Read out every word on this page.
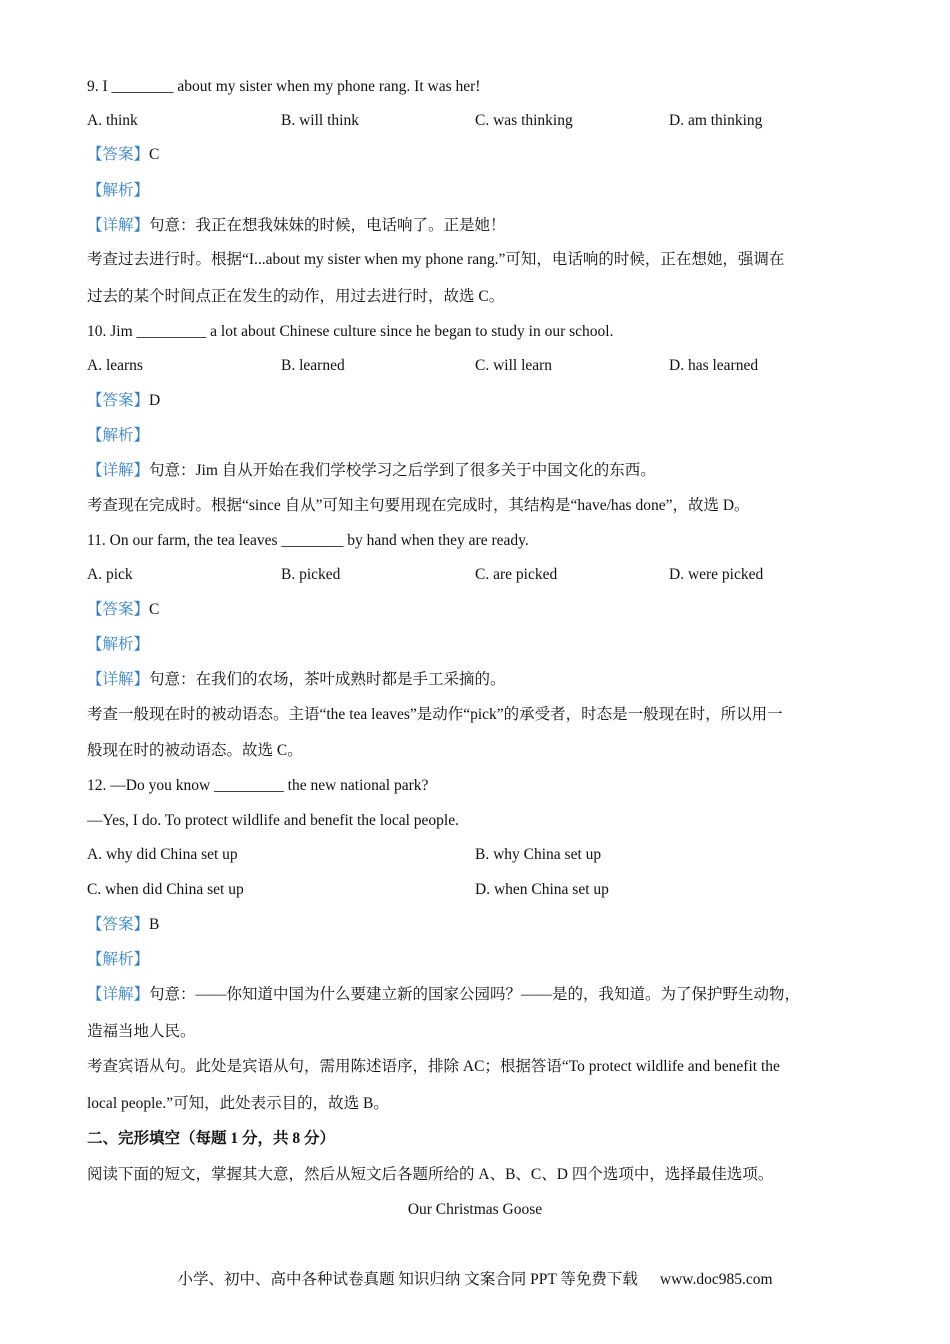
9. I ________ about my sister when my phone rang. It was her!
A. think	B. will think	C. was thinking	D. am thinking
【答案】C
【解析】
【详解】句意：我正在想我妹妹的时候，电话响了。正是她！
考查过去进行时。根据“I...about my sister when my phone rang.”可知，电话响的时候，正在想她，强调在
过去的某个时间点正在发生的动作，用过去进行时，故选 C。
10. Jim _________ a lot about Chinese culture since he began to study in our school.
A. learns	B. learned	C. will learn	D. has learned
【答案】D
【解析】
【详解】句意：Jim 自从开始在我们学校学习之后学到了很多关于中国文化的东西。
考查现在完成时。根据“since 自从”可知主句要用现在完成时，其结构是“have/has done”，故选 D。
11. On our farm, the tea leaves ________ by hand when they are ready.
A. pick	B. picked	C. are picked	D. were picked
【答案】C
【解析】
【详解】句意：在我们的农场，茶叶成熟时都是手工采摘的。
考查一般现在时的被动语态。主语“the tea leaves”是动作“pick”的承受者，时态是一般现在时，所以用一
般现在时的被动语态。故选 C。
12. —Do you know _________ the new national park?
—Yes, I do. To protect wildlife and benefit the local people.
A. why did China set up	B. why China set up
C. when did China set up	D. when China set up
【答案】B
【解析】
【详解】句意：——你知道中国为什么要建立新的国家公园吗？——是的，我知道。为了保护野生动物，
造福当地人民。
考查宾语从句。此处是宾语从句，需用陈述语序，排除 AC；根据答语“To protect wildlife and benefit the
local people.”可知，此处表示目的，故选 B。
二、完形填空（每题 1 分，共 8 分）
阅读下面的短文，掌握其大意，然后从短文后各题所给的 A、B、C、D 四个选项中，选择最佳选项。
Our Christmas Goose
小学、初中、高中各种试卷真题 知识归纳 文案合同 PPT 等免费下载 www.doc985.com
